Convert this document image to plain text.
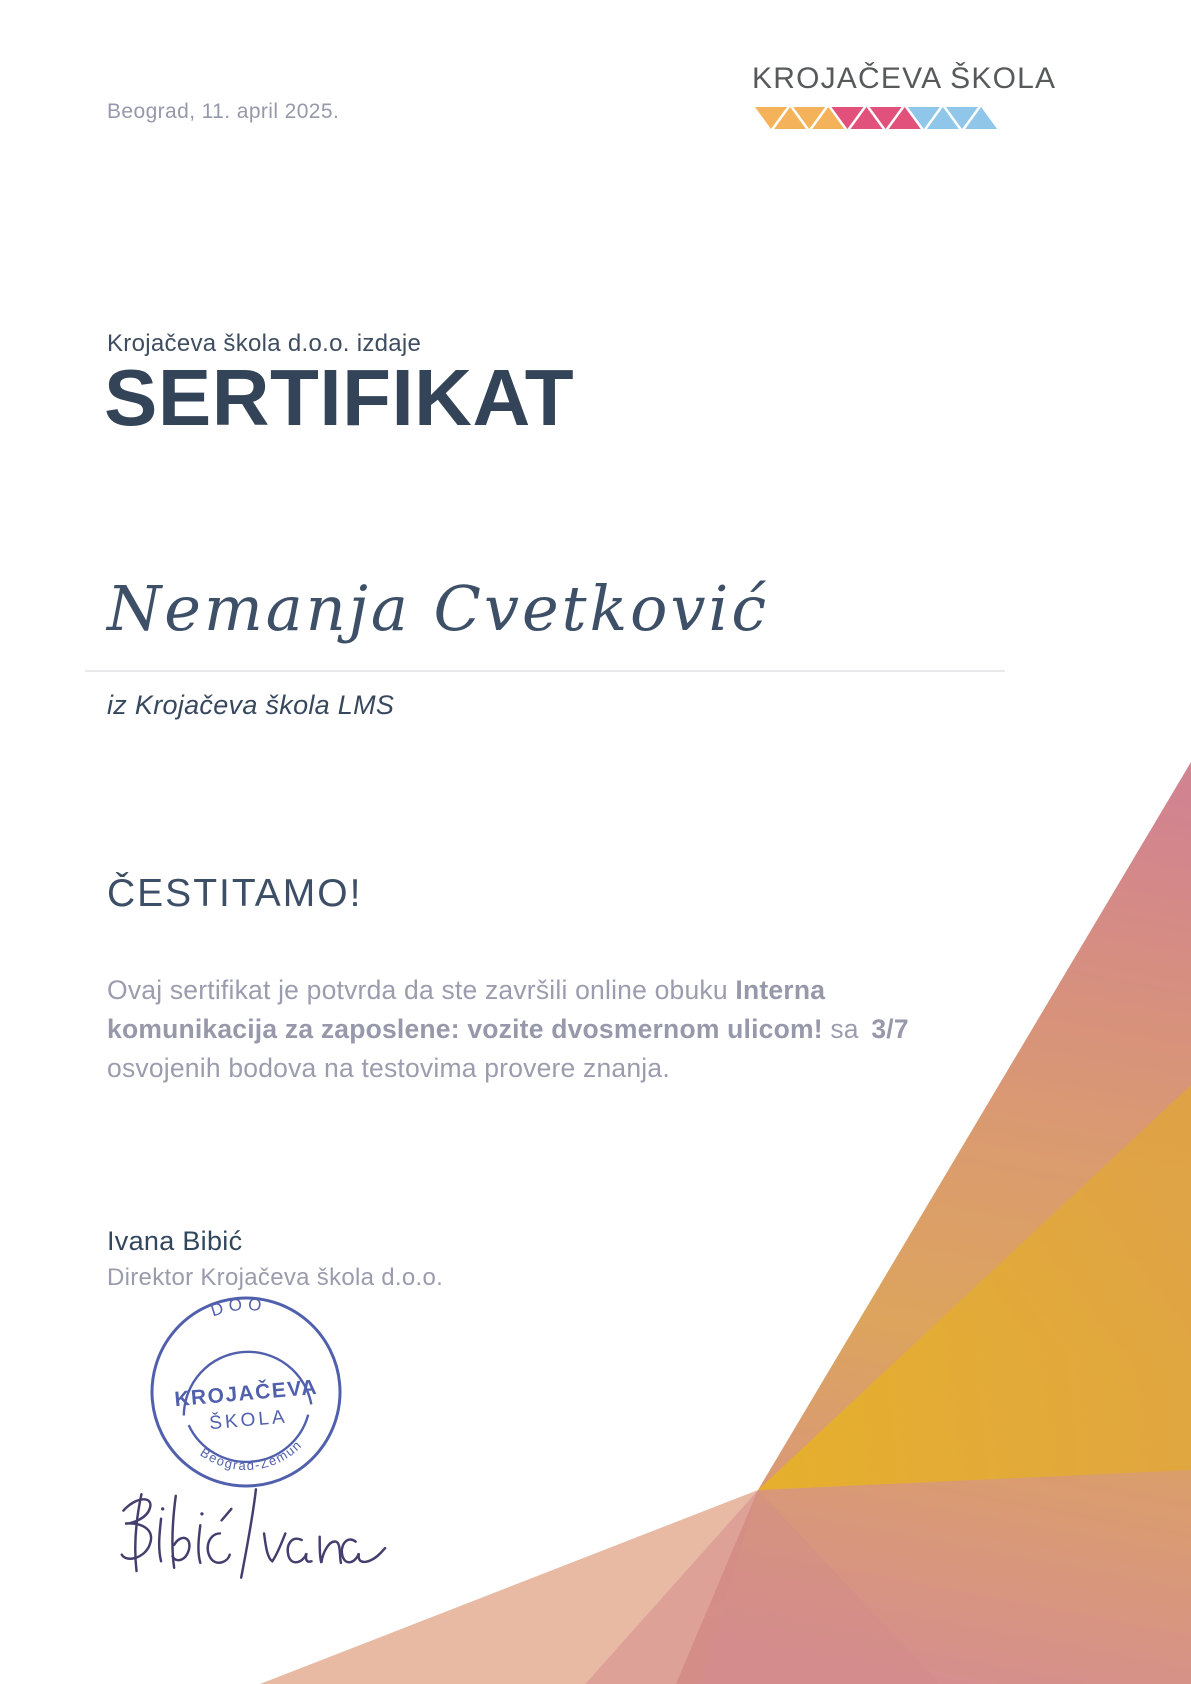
Beograd, 11. april 2025.
KROJAČEVA ŠKOLA
Krojačeva škola d.o.o. izdaje
SERTIFIKAT
Nemanja Cvetković
iz Krojačeva škola LMS
ČESTITAMO!

Ovaj sertifikat je potvrda da ste završili online obuku Interna komunikacija za zaposlene: vozite dvosmernom ulicom! sa 3/7 osvojenih bodova na testovima provere znanja.

Ivana Bibić
Direktor Krojačeva škola d.o.o.
DOO
KROJAČEVA
ŠKOLA
Beograd-Zemun
